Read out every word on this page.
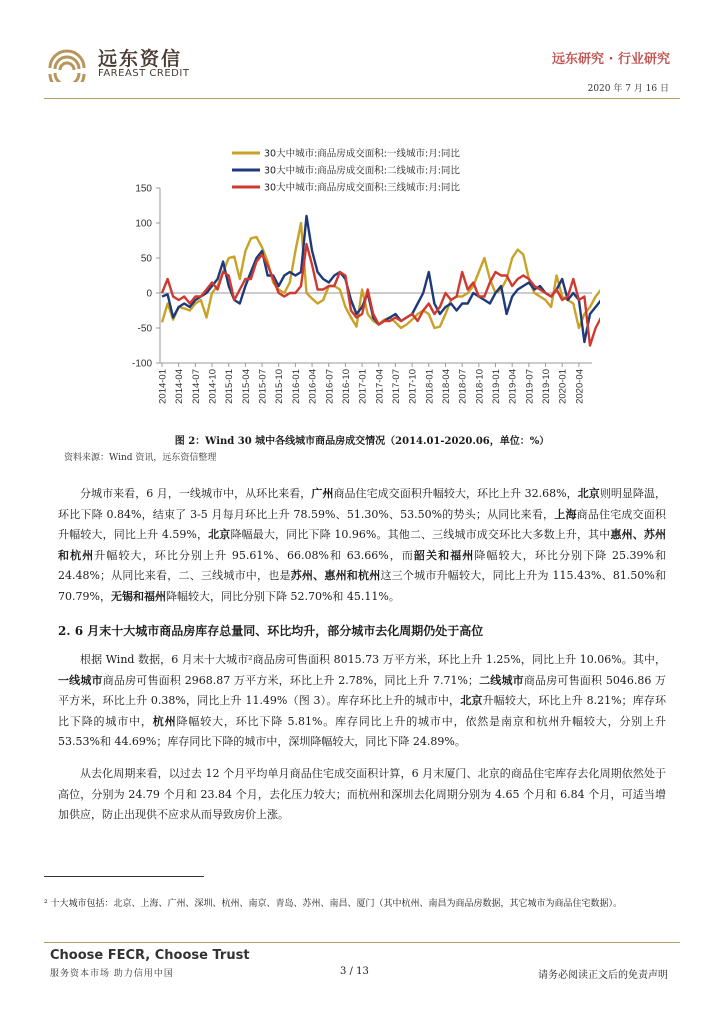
远东资信
FAREAST CREDIT
远东研究 · 行业研究
2020 年 7 月 16 日
-100
-50
0
50
100
150
2014-01 2014-04 2014-07 2014-10 2015-01 2015-04 2015-07 2015-10 2016-01 2016-04 2016-07 2016-10 2017-01 2017-04 2017-07 2017-10 2018-01 2018-04 2018-07 2018-10 2019-01 2019-04 2019-07 2019-10 2020-01 2020-04
30大中城市:商品房成交面积:一线城市:月:同比
30大中城市:商品房成交面积:二线城市:月:同比
30大中城市:商品房成交面积:三线城市:月:同比
图 2：Wind 30 城中各线城市商品房成交情况（2014.01-2020.06，单位：%）
资料来源：Wind 资讯，远东资信整理
分城市来看，6 月，一线城市中，从环比来看，广州商品住宅成交面积升幅较大，环比上升 32.68%，北京则明显降温，环比下降 0.84%，结束了 3-5 月每月环比上升 78.59%、51.30%、53.50%的势头；从同比来看，上海商品住宅成交面积升幅较大，同比上升 4.59%，北京降幅最大，同比下降 10.96%。其他二、三线城市成交环比大多数上升，其中惠州、苏州和杭州升幅较大，环比分别上升 95.61%、66.08%和 63.66%，而韶关和福州降幅较大，环比分别下降 25.39%和 24.48%；从同比来看，二、三线城市中，也是苏州、惠州和杭州这三个城市升幅较大，同比上升为 115.43%、81.50%和 70.79%，无锡和福州降幅较大，同比分别下降 52.70%和 45.11%。
2. 6 月末十大城市商品房库存总量同、环比均升，部分城市去化周期仍处于高位
根据 Wind 数据，6 月末十大城市²商品房可售面积 8015.73 万平方米，环比上升 1.25%，同比上升 10.06%。其中，一线城市商品房可售面积 2968.87 万平方米，环比上升 2.78%，同比上升 7.71%；二线城市商品房可售面积 5046.86 万平方米，环比上升 0.38%，同比上升 11.49%（图 3）。库存环比上升的城市中，北京升幅较大，环比上升 8.21%；库存环比下降的城市中，杭州降幅较大，环比下降 5.81%。库存同比上升的城市中，依然是南京和杭州升幅较大，分别上升 53.53%和 44.69%；库存同比下降的城市中，深圳降幅较大，同比下降 24.89%。
从去化周期来看，以过去 12 个月平均单月商品住宅成交面积计算，6 月末厦门、北京的商品住宅库存去化周期依然处于高位，分别为 24.79 个月和 23.84 个月，去化压力较大；而杭州和深圳去化周期分别为 4.65 个月和 6.84 个月，可适当增加供应，防止出现供不应求从而导致房价上涨。
² 十大城市包括：北京、上海、广州、深圳、杭州、南京、青岛、苏州、南昌、厦门（其中杭州、南昌为商品房数据，其它城市为商品住宅数据）。
Choose FECR, Choose Trust
服务资本市场 助力信用中国	3 / 13	请务必阅读正文后的免责声明
